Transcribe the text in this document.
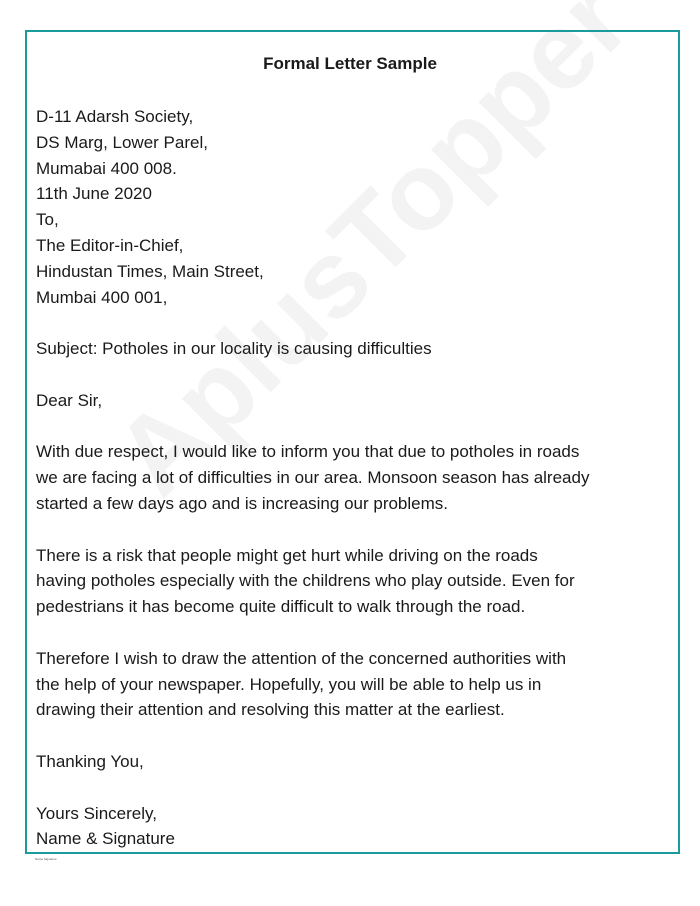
Formal Letter Sample
D-11 Adarsh Society,
DS Marg, Lower Parel,
Mumabai 400 008.
11th June 2020
To,
The Editor-in-Chief,
Hindustan Times, Main Street,
Mumbai 400 001,
Subject: Potholes in our locality is causing difficulties
Dear Sir,
With due respect, I would like to inform you that due to potholes in roads
we are facing a lot of difficulties in our area. Monsoon season has already
started a few days ago and is increasing our problems.
There is a risk that people might get hurt while driving on the roads
having potholes especially with the childrens who play outside. Even for
pedestrians it has become quite difficult to walk through the road.
Therefore I wish to draw the attention of the concerned authorities with
the help of your newspaper. Hopefully, you will be able to help us in
drawing their attention and resolving this matter at the earliest.
Thanking You,
Yours Sincerely,
Name & Signature
Name Signature
